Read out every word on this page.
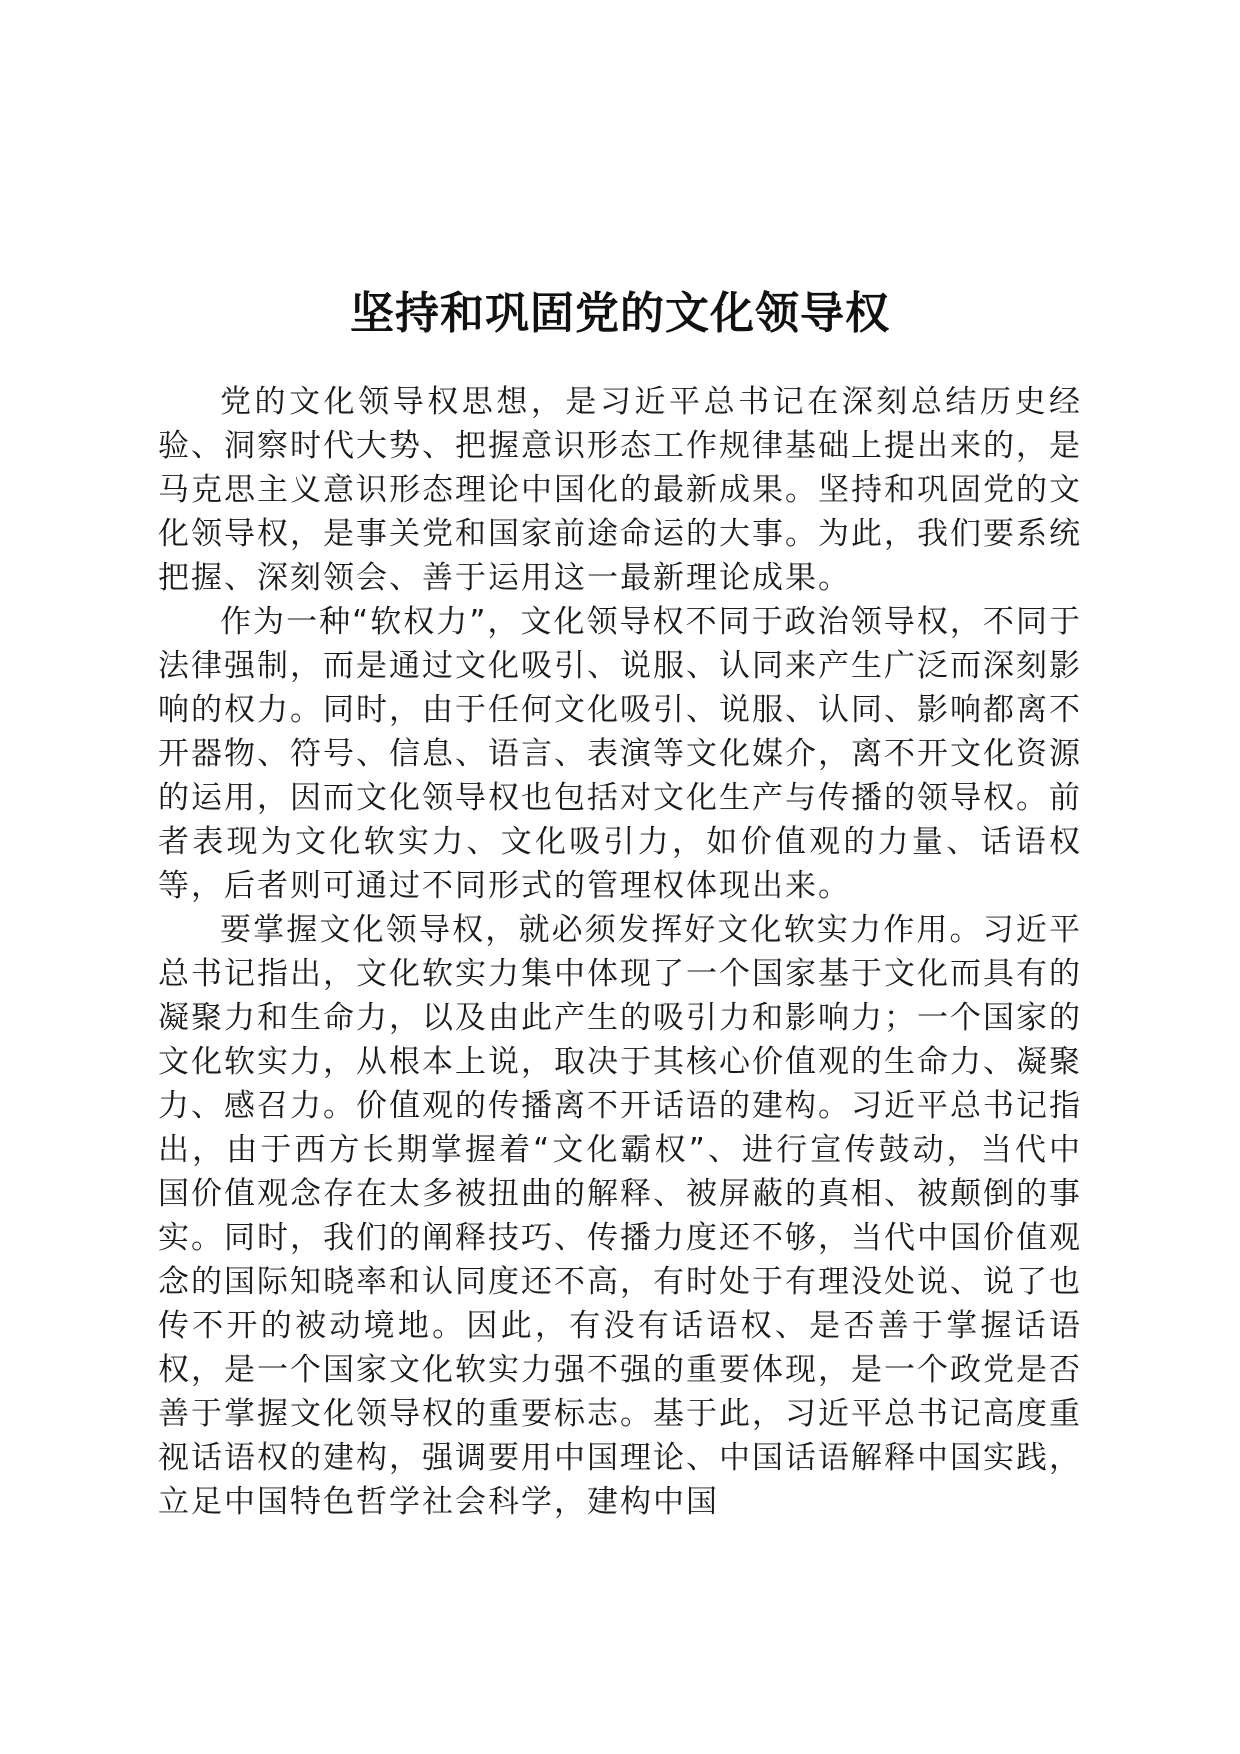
坚持和巩固党的文化领导权

党的文化领导权思想，是习近平总书记在深刻总结历史经验、洞察时代大势、把握意识形态工作规律基础上提出来的，是马克思主义意识形态理论中国化的最新成果。坚持和巩固党的文化领导权，是事关党和国家前途命运的大事。为此，我们要系统把握、深刻领会、善于运用这一最新理论成果。

作为一种“软权力”，文化领导权不同于政治领导权，不同于法律强制，而是通过文化吸引、说服、认同来产生广泛而深刻影响的权力。同时，由于任何文化吸引、说服、认同、影响都离不开器物、符号、信息、语言、表演等文化媒介，离不开文化资源的运用，因而文化领导权也包括对文化生产与传播的领导权。前者表现为文化软实力、文化吸引力，如价值观的力量、话语权等，后者则可通过不同形式的管理权体现出来。

要掌握文化领导权，就必须发挥好文化软实力作用。习近平总书记指出，文化软实力集中体现了一个国家基于文化而具有的凝聚力和生命力，以及由此产生的吸引力和影响力；一个国家的文化软实力，从根本上说，取决于其核心价值观的生命力、凝聚力、感召力。价值观的传播离不开话语的建构。习近平总书记指出，由于西方长期掌握着“文化霸权”、进行宣传鼓动，当代中国价值观念存在太多被扭曲的解释、被屏蔽的真相、被颠倒的事实。同时，我们的阐释技巧、传播力度还不够，当代中国价值观念的国际知晓率和认同度还不高，有时处于有理没处说、说了也传不开的被动境地。因此，有没有话语权、是否善于掌握话语权，是一个国家文化软实力强不强的重要体现，是一个政党是否善于掌握文化领导权的重要标志。基于此，习近平总书记高度重视话语权的建构，强调要用中国理论、中国话语解释中国实践，立足中国特色哲学社会科学，建构中国
